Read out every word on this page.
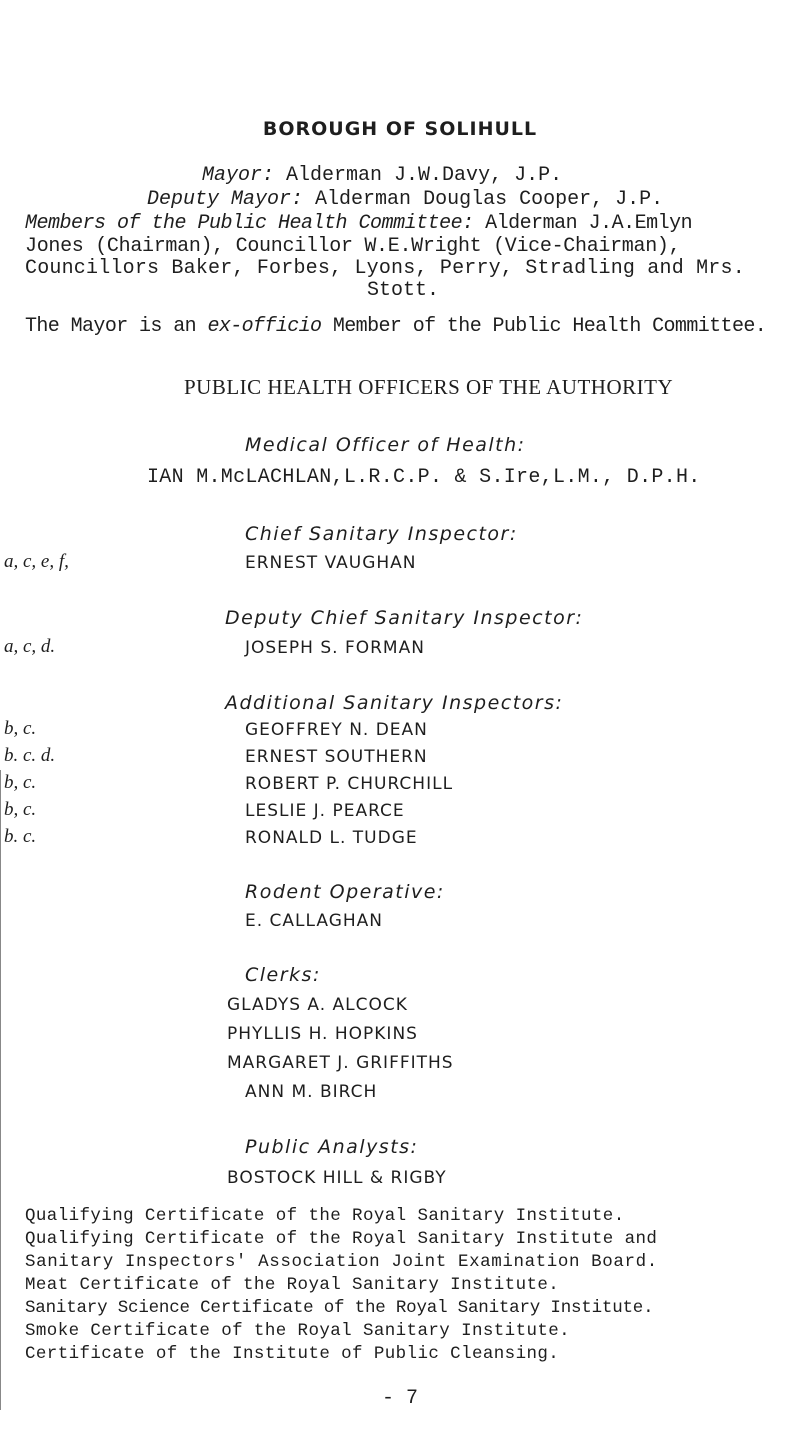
BOROUGH OF SOLIHULL
Mayor: Alderman J.W.Davy, J.P.
Deputy Mayor: Alderman Douglas Cooper, J.P.
Members of the Public Health Committee: Alderman J.A.Emlyn
Jones (Chairman), Councillor W.E.Wright (Vice-Chairman),
Councillors Baker, Forbes, Lyons, Perry, Stradling and Mrs.
Stott.
The Mayor is an ex-officio Member of the Public Health Committee.
PUBLIC HEALTH OFFICERS OF THE AUTHORITY
Medical Officer of Health:
IAN M.McLACHLAN,L.R.C.P. & S.Ire,L.M., D.P.H.
Chief Sanitary Inspector:
a, c, e, f,	ERNEST VAUGHAN
Deputy Chief Sanitary Inspector:
a, c, d.	JOSEPH S. FORMAN
Additional Sanitary Inspectors:
b, c.	GEOFFREY N. DEAN
b. c. d.	ERNEST SOUTHERN
b, c.	ROBERT P. CHURCHILL
b, c.	LESLIE J. PEARCE
b. c.	RONALD L. TUDGE
Rodent Operative:
E. CALLAGHAN
Clerks:
GLADYS A. ALCOCK
PHYLLIS H. HOPKINS
MARGARET J. GRIFFITHS
ANN M. BIRCH
Public Analysts:
BOSTOCK HILL & RIGBY
Qualifying Certificate of the Royal Sanitary Institute.
Qualifying Certificate of the Royal Sanitary Institute and
Sanitary Inspectors' Association Joint Examination Board.
Meat Certificate of the Royal Sanitary Institute.
Sanitary Science Certificate of the Royal Sanitary Institute.
Smoke Certificate of the Royal Sanitary Institute.
Certificate of the Institute of Public Cleansing.
- 7
